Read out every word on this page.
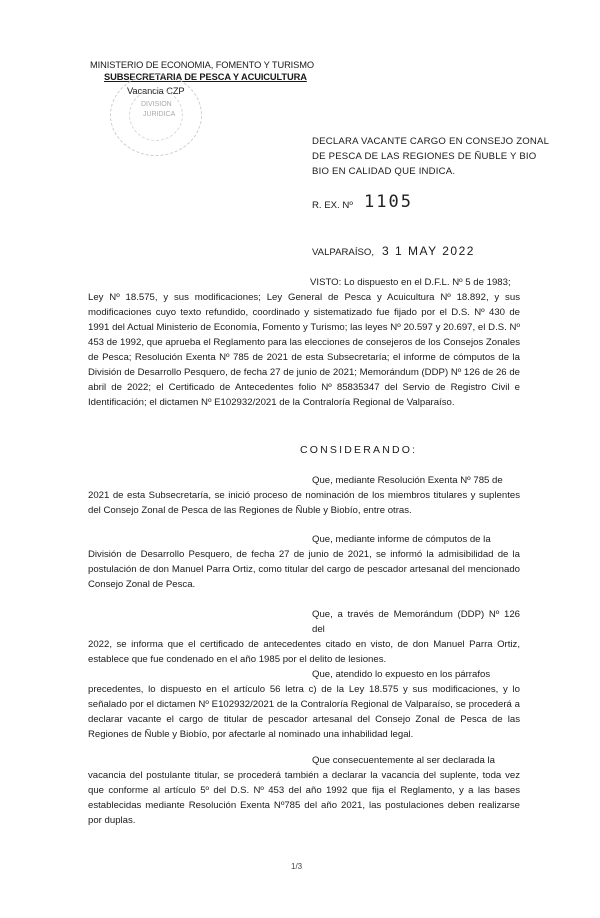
MINISTERIO DE ECONOMIA, FOMENTO Y TURISMO
SUBSECRETARIA DE PESCA Y ACUICULTURA
Vacancia CZP
DIVISION
JURIDICA
DECLARA VACANTE CARGO EN CONSEJO ZONAL
DE PESCA DE LAS REGIONES DE ÑUBLE Y BIO
BIO EN CALIDAD QUE INDICA.
R. EX. Nº 1105
VALPARAÍSO, 3 1 MAY 2022
VISTO: Lo dispuesto en el D.F.L. Nº 5 de 1983;
Ley Nº 18.575, y sus modificaciones; Ley General de Pesca y Acuicultura Nº 18.892, y sus modificaciones cuyo texto refundido, coordinado y sistematizado fue fijado por el D.S. Nº 430 de 1991 del Actual Ministerio de Economía, Fomento y Turismo; las leyes Nº 20.597 y 20.697, el D.S. Nº 453 de 1992, que aprueba el Reglamento para las elecciones de consejeros de los Consejos Zonales de Pesca; Resolución Exenta Nº 785 de 2021 de esta Subsecretaría; el informe de cómputos de la División de Desarrollo Pesquero, de fecha 27 de junio de 2021; Memorándum (DDP) Nº 126 de 26 de abril de 2022; el Certificado de Antecedentes folio Nº 85835347 del Servio de Registro Civil e Identificación; el dictamen Nº E102932/2021 de la Contraloría Regional de Valparaíso.
CONSIDERANDO:
Que, mediante Resolución Exenta Nº 785 de

2021 de esta Subsecretaría, se inició proceso de nominación de los miembros titulares y suplentes del Consejo Zonal de Pesca de las Regiones de Ñuble y Biobío, entre otras.

Que, mediante informe de cómputos de la

División de Desarrollo Pesquero, de fecha 27 de junio de 2021, se informó la admisibilidad de la postulación de don Manuel Parra Ortiz, como titular del cargo de pescador artesanal del mencionado Consejo Zonal de Pesca.

Que, a través de Memorándum (DDP) Nº 126 del

2022, se informa que el certificado de antecedentes citado en visto, de don Manuel Parra Ortiz, establece que fue condenado en el año 1985 por el delito de lesiones.

Que, atendido lo expuesto en los párrafos

precedentes, lo dispuesto en el artículo 56 letra c) de la Ley 18.575 y sus modificaciones, y lo señalado por el dictamen Nº E102932/2021 de la Contraloría Regional de Valparaíso, se procederá a declarar vacante el cargo de titular de pescador artesanal del Consejo Zonal de Pesca de las Regiones de Ñuble y Biobío, por afectarle al nominado una inhabilidad legal.

Que consecuentemente al ser declarada la

vacancia del postulante titular, se procederá también a declarar la vacancia del suplente, toda vez que conforme al artículo 5º del D.S. Nº 453 del año 1992 que fija el Reglamento, y a las bases establecidas mediante Resolución Exenta Nº785 del año 2021, las postulaciones deben realizarse por duplas.

1/3
